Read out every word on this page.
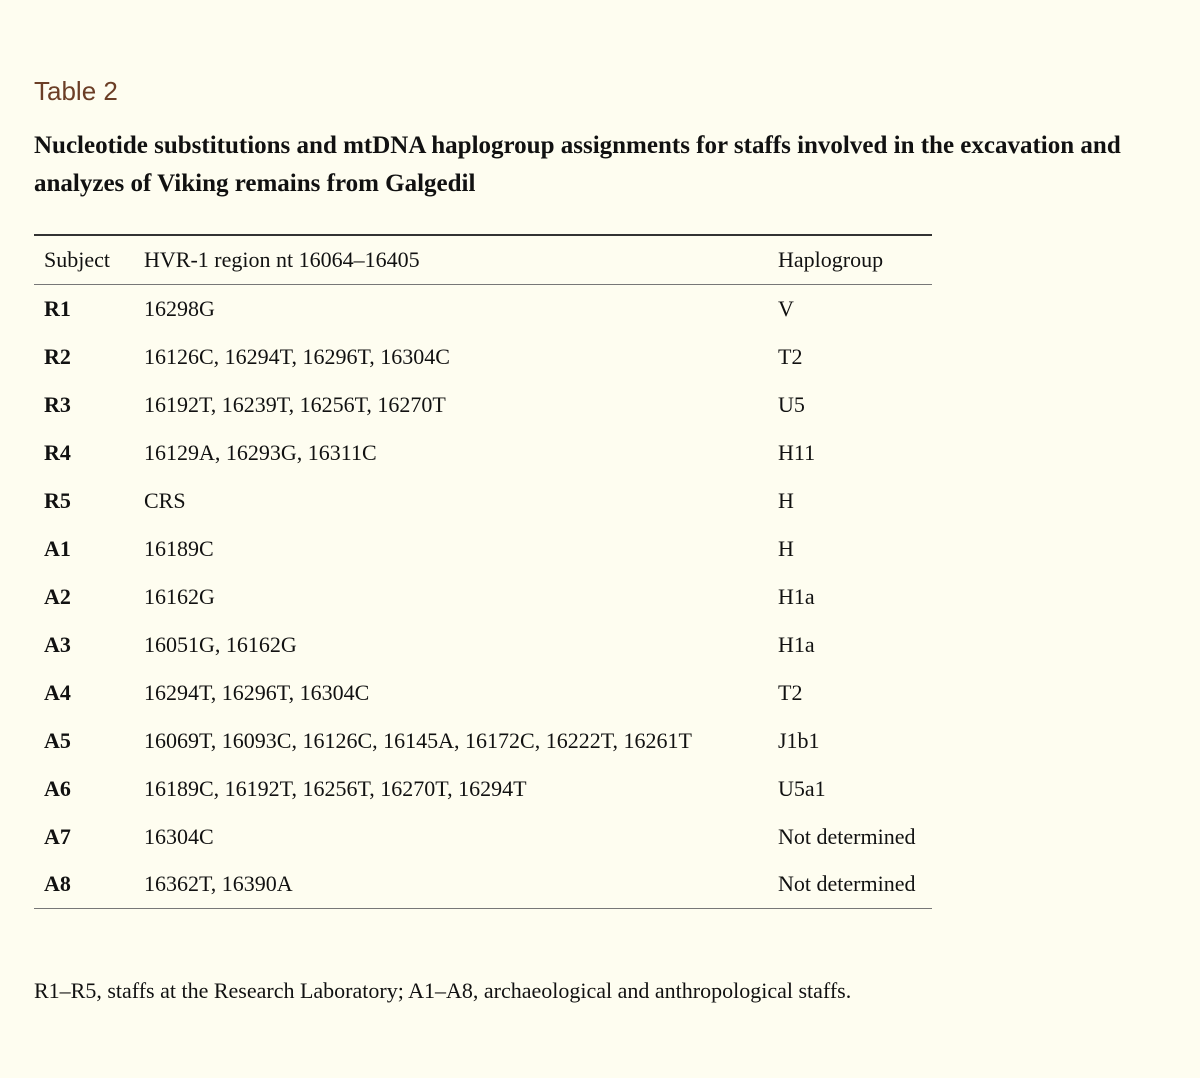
Table 2
Nucleotide substitutions and mtDNA haplogroup assignments for staffs involved in the excavation and analyzes of Viking remains from Galgedil
Subject	HVR-1 region nt 16064–16405	Haplogroup
R1	16298G	V
R2	16126C, 16294T, 16296T, 16304C	T2
R3	16192T, 16239T, 16256T, 16270T	U5
R4	16129A, 16293G, 16311C	H11
R5	CRS	H
A1	16189C	H
A2	16162G	H1a
A3	16051G, 16162G	H1a
A4	16294T, 16296T, 16304C	T2
A5	16069T, 16093C, 16126C, 16145A, 16172C, 16222T, 16261T	J1b1
A6	16189C, 16192T, 16256T, 16270T, 16294T	U5a1
A7	16304C	Not determined
A8	16362T, 16390A	Not determined
R1–R5, staffs at the Research Laboratory; A1–A8, archaeological and anthropological staffs.
